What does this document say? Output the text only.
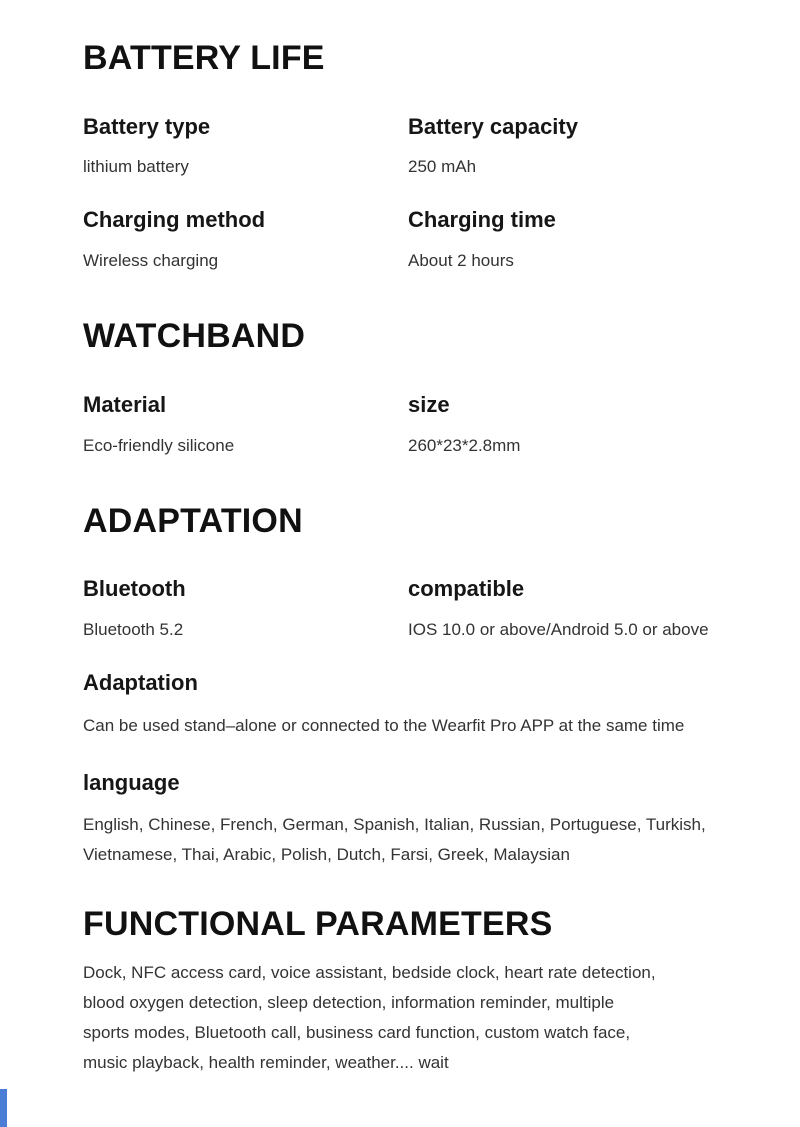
BATTERY LIFE
Battery type
lithium battery
Battery capacity
250 mAh
Charging method
Wireless charging
Charging time
About 2 hours
WATCHBAND
Material
Eco-friendly silicone
size
260*23*2.8mm
ADAPTATION
Bluetooth
Bluetooth 5.2
compatible
IOS 10.0 or above/Android 5.0 or above
Adaptation
Can be used stand–alone or connected to the Wearfit Pro APP at the same time
language
English, Chinese, French, German, Spanish, Italian, Russian, Portuguese, Turkish,
Vietnamese, Thai, Arabic, Polish, Dutch, Farsi, Greek, Malaysian
FUNCTIONAL PARAMETERS
Dock, NFC access card, voice assistant, bedside clock, heart rate detection,
blood oxygen detection, sleep detection, information reminder, multiple
sports modes, Bluetooth call, business card function, custom watch face,
music playback, health reminder, weather.... wait
